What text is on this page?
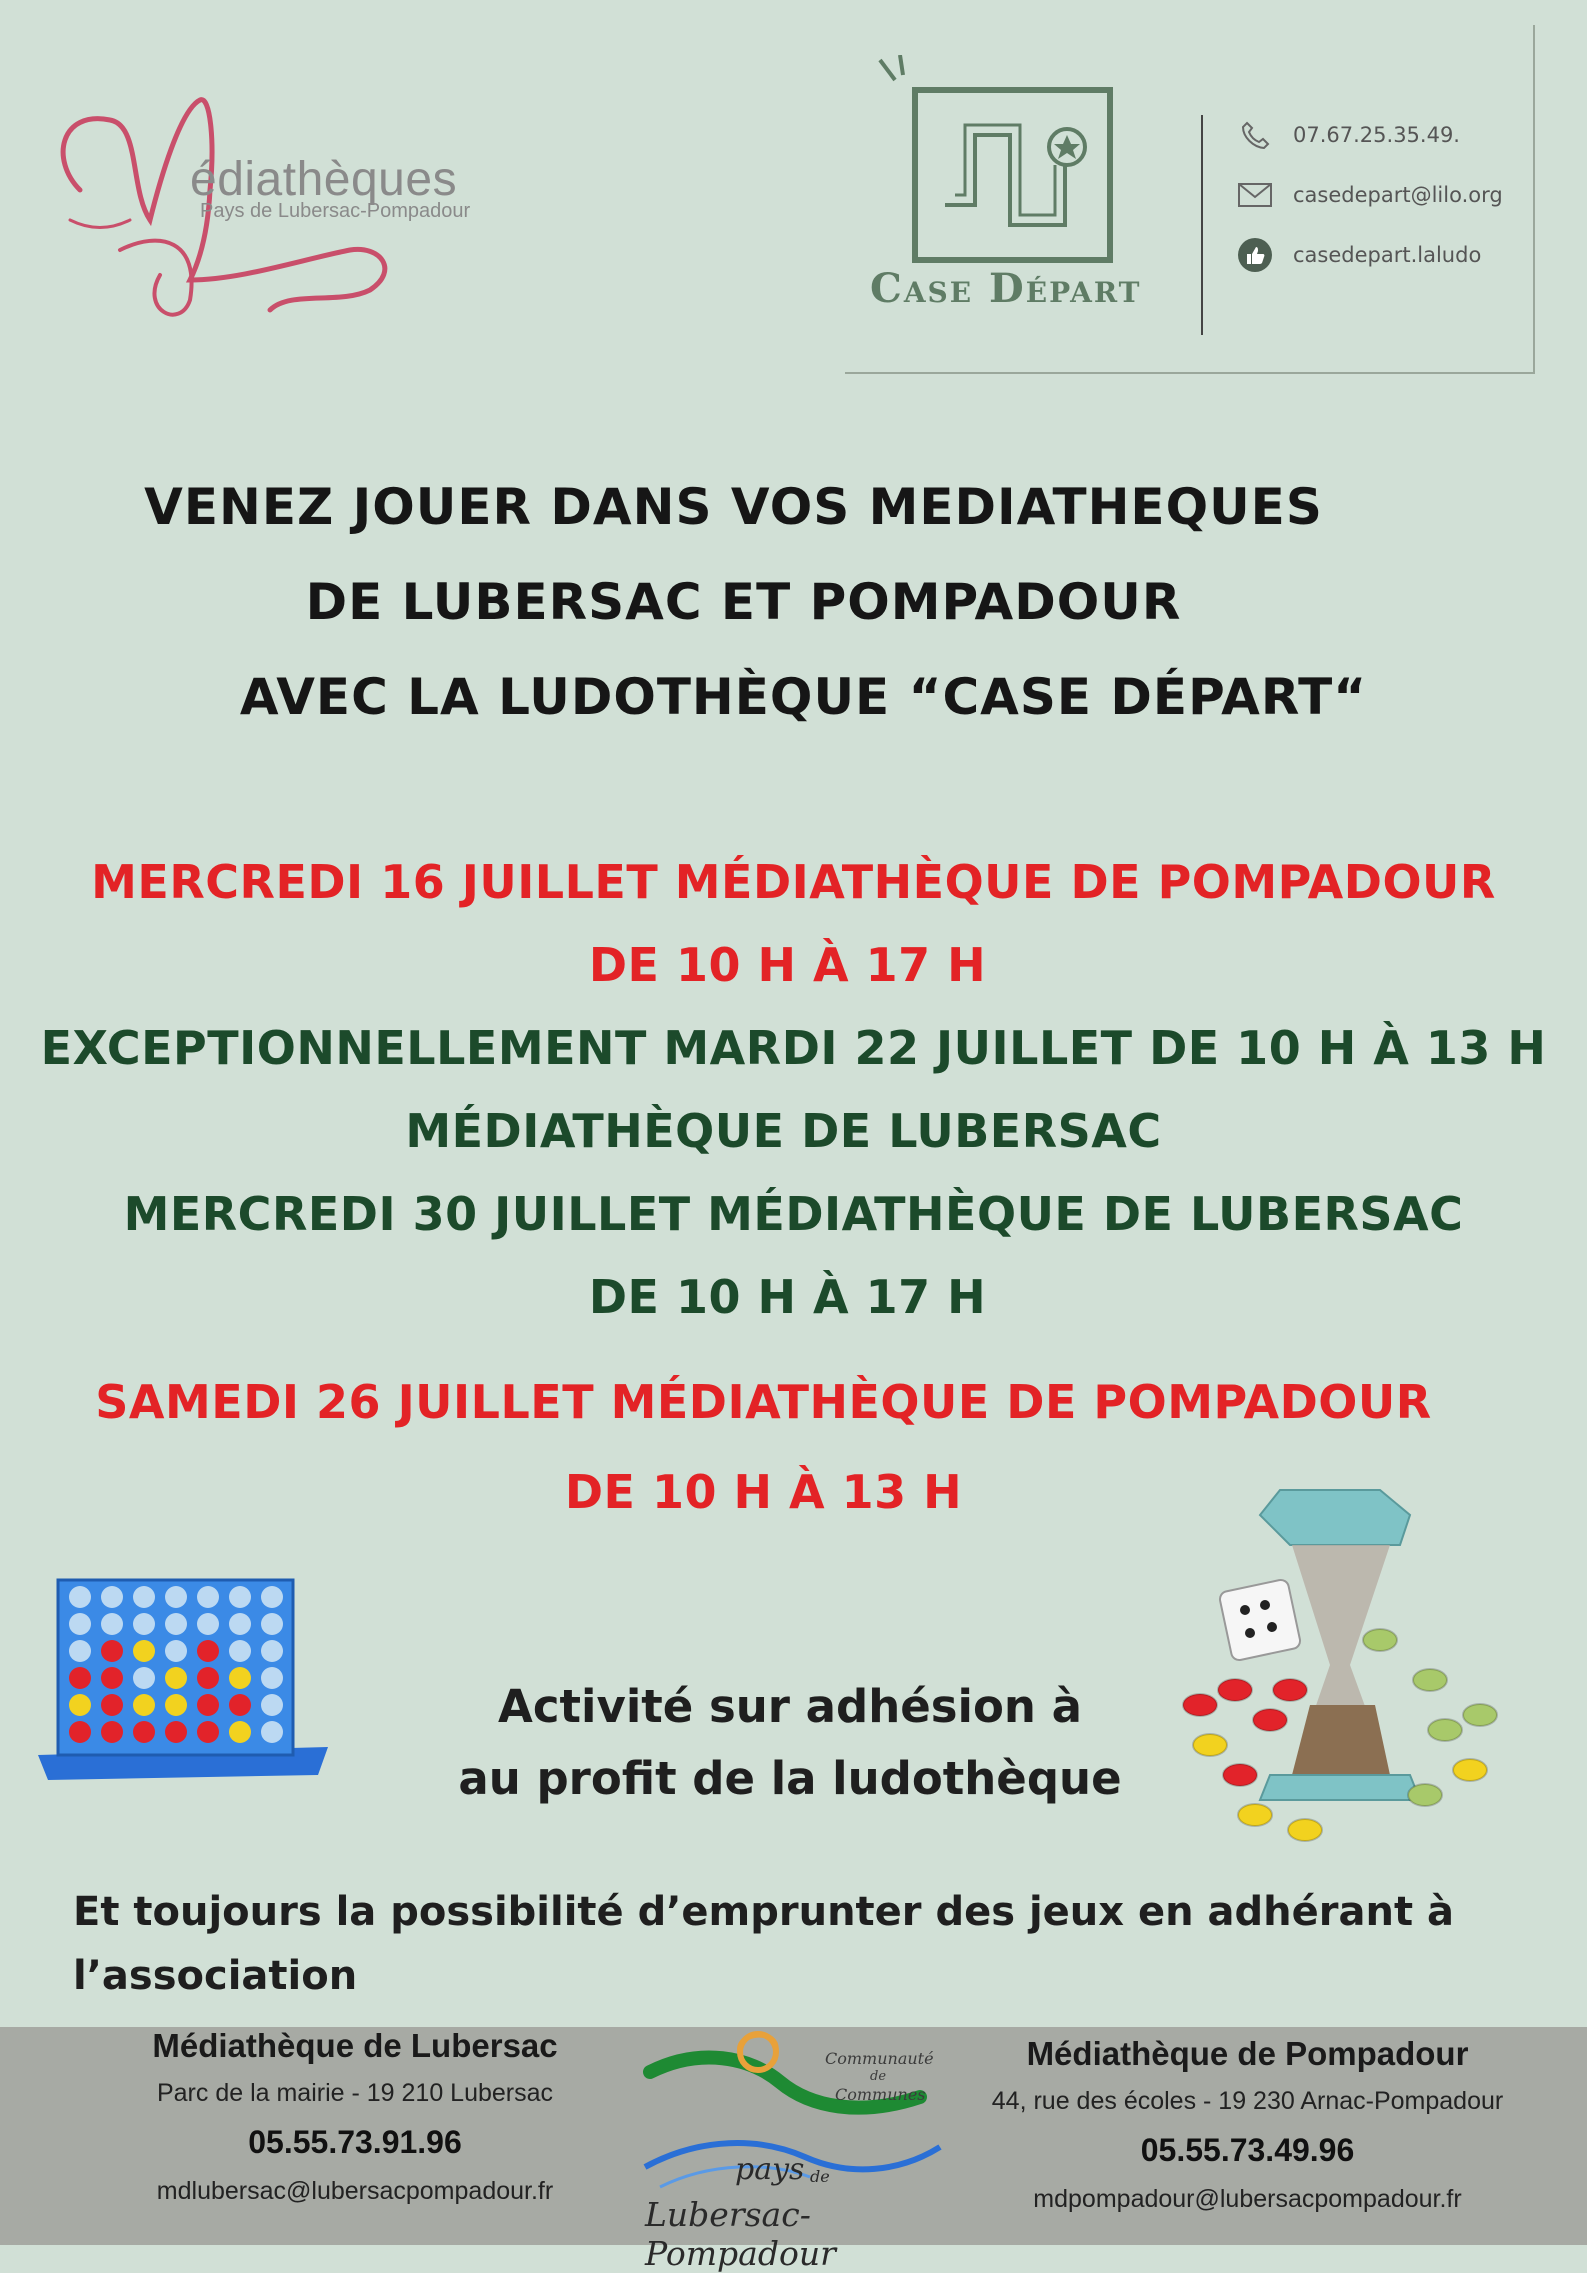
édiathèques
Pays de Lubersac-Pompadour
Case Départ
07.67.25.35.49.
casedepart@lilo.org
casedepart.laludo
VENEZ JOUER DANS VOS MEDIATHEQUES
DE LUBERSAC ET POMPADOUR
AVEC LA LUDOTHÈQUE “CASE DÉPART“
MERCREDI 16 JUILLET MÉDIATHÈQUE DE POMPADOUR
DE 10 H À 17 H
EXCEPTIONNELLEMENT MARDI 22 JUILLET DE 10 H À 13 H
MÉDIATHÈQUE DE LUBERSAC
MERCREDI 30 JUILLET MÉDIATHÈQUE DE LUBERSAC
DE 10 H À 17 H
SAMEDI 26 JUILLET MÉDIATHÈQUE DE POMPADOUR
DE 10 H À 13 H
Activité sur adhésion à
au profit de la ludothèque
Et toujours la possibilité d’emprunter des jeux en adhérant à
l’association
Médiathèque de Lubersac
Parc de la mairie - 19 210 Lubersac
05.55.73.91.96
mdlubersac@lubersacpompadour.fr
Communauté
de
Communes
pays de
Lubersac-Pompadour
Médiathèque de Pompadour
44, rue des écoles - 19 230 Arnac-Pompadour
05.55.73.49.96
mdpompadour@lubersacpompadour.fr
